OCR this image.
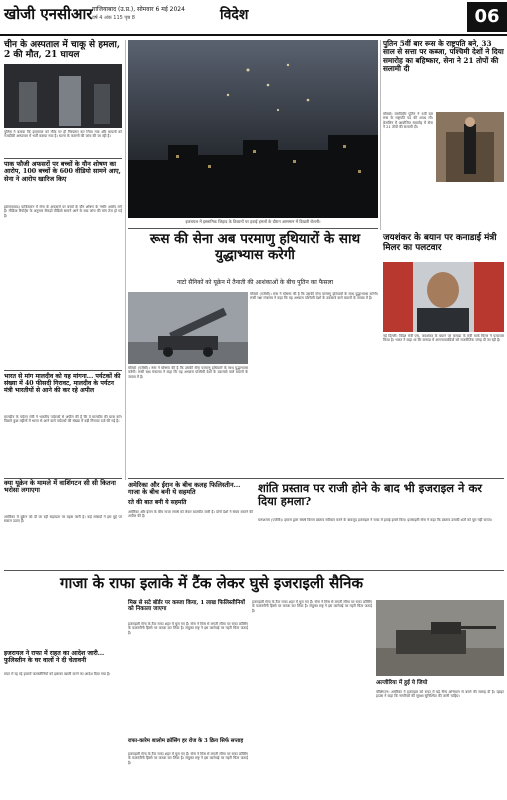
खोजी एनसीआर गाजियाबाद (उ.प्र.), सोमवार 6 मई 2024
वर्ष 4 अंक 115 पृष्ठ 8	विदेश	06
चीन के अस्पताल में चाकू से हमला, 2 की मौत, 21 घायल

पुलिस ने बताया कि हमलावर को मौके पर ही गिरफ्तार कर लिया गया और घायलों को नजदीकी अस्पताल में भर्ती कराया गया है। घटना के कारणों की जांच की जा रही है।

पाक फौजी अफसरों पर बच्चों के यौन शोषण का आरोप, 100 बच्चों के 600 वीडियो सामने आए, सेना ने आरोप खारिज किए

इस्लामाबाद। पाकिस्तान में सेना के अफसरों पर बच्चों के यौन शोषण के गंभीर आरोप लगे हैं। मीडिया रिपोर्ट्स के अनुसार सैकड़ों वीडियो सामने आने के बाद जांच की मांग तेज हो गई है।

भारत से मांग मालदीव को यह मांगना... पर्यटकों की संख्या में 40 फीसदी गिरावट, मालदीव के पर्यटन मंत्री भारतीयों से आने की कर रहे अपील

मालदीव के पर्यटन मंत्री ने भारतीय पर्यटकों से अपील की है कि वे मालदीव की यात्रा करें। पिछले कुछ महीनों में भारत से आने वाले पर्यटकों की संख्या में बड़ी गिरावट दर्ज की गई है।

क्या यूक्रेन के मामले में वाशिंगटन सी सी कितना भरोसा लगाएगा

अमेरिका में यूक्रेन को दी जा रही सहायता पर बहस जारी है। कई सांसदों ने इस मुद्दे पर सवाल उठाए हैं।

इजरायल में इस्लामिक जिहाद के ठिकानों पर हवाई हमलों के दौरान आसमान में दिखती रोशनी।
पुतिन 5वीं बार रूस के राष्ट्रपति बने, 33 साल से सत्ता पर कब्जा, पश्चिमी देशों ने दिया समारोह का बहिष्कार, सेना ने 21 तोपों की सलामी दी

मॉस्को। व्लादिमीर पुतिन ने 5वीं बार रूस के राष्ट्रपति पद की शपथ ली। क्रेमलिन में आयोजित समारोह में सेना ने 21 तोपों की सलामी दी।

रूस की सेना अब परमाणु हथियारों के साथ युद्धाभ्यास करेगी
नाटो सैनिकों को यूक्रेन में तैनाती की आशंकाओं के बीच पुतिन का फैसला

मॉस्को (एजेंसी)। रूस ने घोषणा की है कि उसकी सेना परमाणु हथियारों के साथ युद्धाभ्यास करेगी। रूसी रक्षा मंत्रालय ने कहा कि यह अभ्यास पश्चिमी देशों के उकसावे वाले बयानों के जवाब में है।

मॉस्को (एजेंसी)। रूस ने घोषणा की है कि उसकी सेना परमाणु हथियारों के साथ युद्धाभ्यास करेगी। रूसी रक्षा मंत्रालय ने कहा कि यह अभ्यास पश्चिमी देशों के उकसावे वाले बयानों के जवाब में है।

जयशंकर के बयान पर कनाडाई मंत्री मिलर का पलटवार

नई दिल्ली। विदेश मंत्री एस. जयशंकर के बयान पर कनाडा के मंत्री मार्क मिलर ने पलटवार किया है। भारत ने कहा था कि कनाडा में अलगाववादियों को राजनीतिक जगह दी जा रही है।

अमेरिका और ईरान के बीच कलह फिलिस्तीन... गाजा के बीच बनी ये सहमति
रते की बात बनी ये सहमति

अमेरिका और ईरान के बीच गाजा संघर्ष को लेकर बातचीत जारी है। दोनों देशों ने संयम बरतने की अपील की है।

शांति प्रस्ताव पर राजी होने के बाद भी इजराइल ने कर दिया हमला?

यरूशलम (एजेंसी)। हमास द्वारा संघर्ष विराम प्रस्ताव स्वीकार करने के बावजूद इजराइल ने राफा में हवाई हमले किए। इजराइली सेना ने कहा कि प्रस्ताव उसकी शर्तों को पूरा नहीं करता।

गाजा के राफा इलाके में टैंक लेकर घुसे इजराइली सैनिक
मिस्र से सटे बॉर्डर पर कब्जा किया, 1 लाख फिलिस्तीनियों को निकाला जाएगा

इजराइली सेना के टैंक राफा शहर में घुस गए हैं। सेना ने मिस्र से लगती सीमा पर राफा क्रॉसिंग के फलस्तीनी हिस्से पर कब्जा कर लिया है। संयुक्त राष्ट्र ने इस कार्रवाई पर गहरी चिंता जताई है।

राफा-कारेम शालोम क्रॉसिंग हर रोज के 3 क्रिय सिर्फ सप्ताह

इजराइली सेना के टैंक राफा शहर में घुस गए हैं। सेना ने मिस्र से लगती सीमा पर राफा क्रॉसिंग के फलस्तीनी हिस्से पर कब्जा कर लिया है। संयुक्त राष्ट्र ने इस कार्रवाई पर गहरी चिंता जताई है।

इजराइली सेना के टैंक राफा शहर में घुस गए हैं। सेना ने मिस्र से लगती सीमा पर राफा क्रॉसिंग के फलस्तीनी हिस्से पर कब्जा कर लिया है। संयुक्त राष्ट्र ने इस कार्रवाई पर गहरी चिंता जताई है।

अल्जीरिया में हुई ये जियो

वॉशिंगटन। अमेरिका ने इजराइल को राफा में बड़े सैन्य अभियान से बचने की सलाह दी है। व्हाइट हाउस ने कहा कि नागरिकों की सुरक्षा सुनिश्चित की जानी चाहिए।

इजरायल ने राफा में राहत का आदेश जारी... फुलिस्तीन के घर वालों ने दी चेतावनी

राफा में रह रहे हजारों फलस्तीनियों को इलाका खाली करने का आदेश दिया गया है।
